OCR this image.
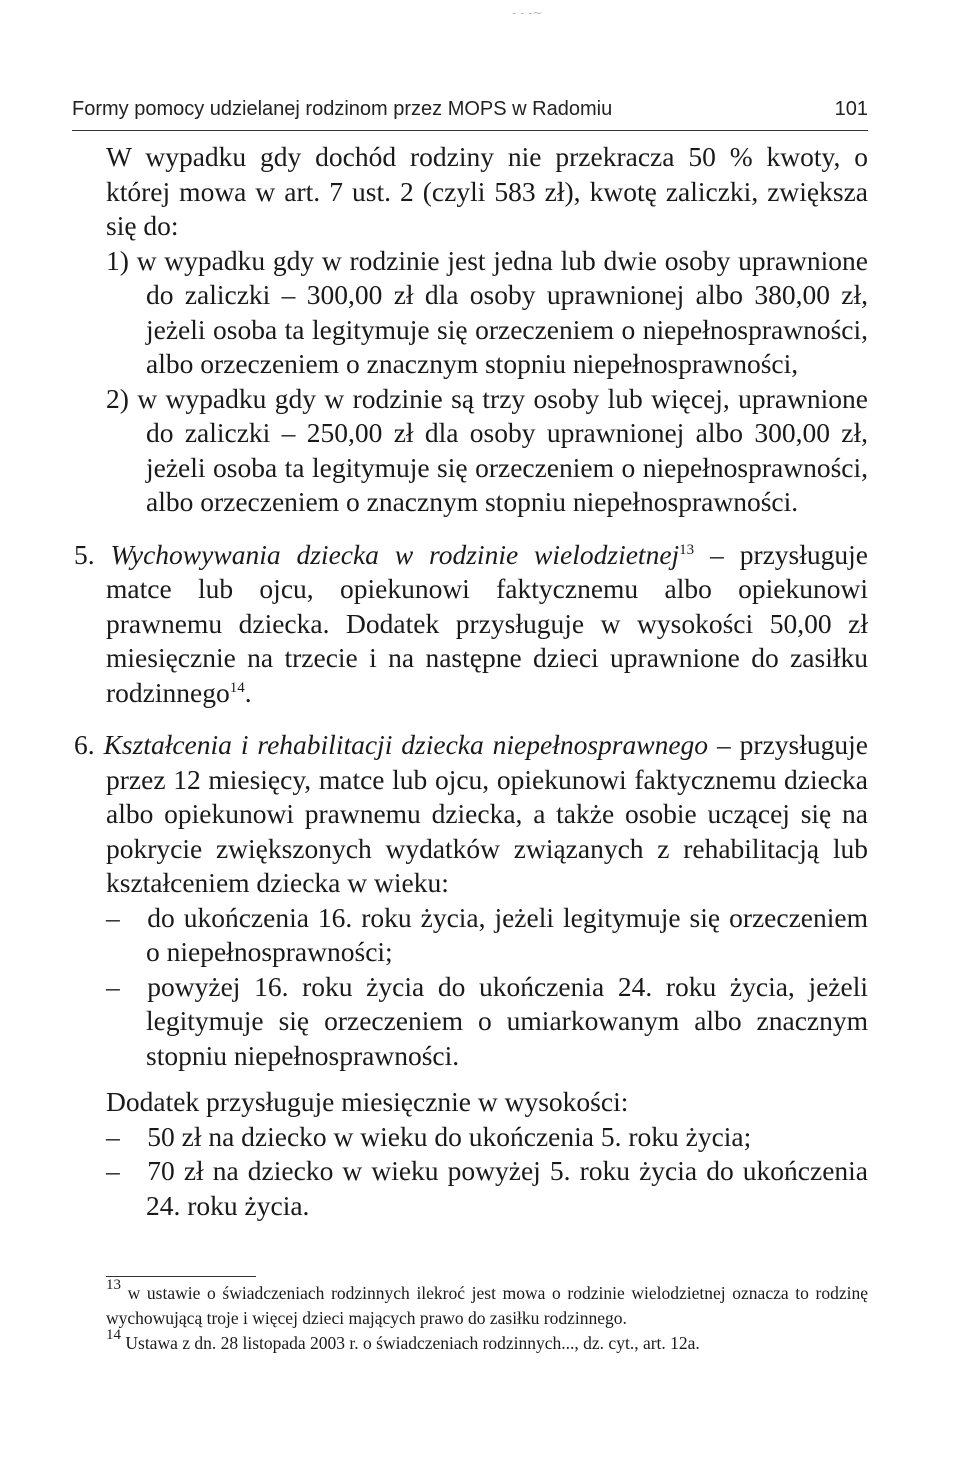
- - -~
Formy pomocy udzielanej rodzinom przez MOPS w Radomiu	101

W wypadku gdy dochód rodziny nie przekracza 50 % kwoty, o której mowa w art. 7 ust. 2 (czyli 583 zł), kwotę zaliczki, zwiększa się do:

1) w wypadku gdy w rodzinie jest jedna lub dwie osoby uprawnione do zaliczki – 300,00 zł dla osoby uprawnionej albo 380,00 zł, jeżeli osoba ta legitymuje się orzeczeniem o niepełnosprawności, albo orzeczeniem o znacznym stopniu niepełnosprawności,

2) w wypadku gdy w rodzinie są trzy osoby lub więcej, uprawnione do zaliczki – 250,00 zł dla osoby uprawnionej albo 300,00 zł, jeżeli osoba ta legitymuje się orzeczeniem o niepełnosprawności, albo orzeczeniem o znacznym stopniu niepełnosprawności.

5. Wychowywania dziecka w rodzinie wielodzietnej$^{13}$ – przysługuje matce lub ojcu, opiekunowi faktycznemu albo opiekunowi prawnemu dziecka. Dodatek przysługuje w wysokości 50,00 zł miesięcznie na trzecie i na następne dzieci uprawnione do zasiłku rodzinnego$^{14}$.

6. Kształcenia i rehabilitacji dziecka niepełnosprawnego – przysługuje przez 12 miesięcy, matce lub ojcu, opiekunowi faktycznemu dziecka albo opiekunowi prawnemu dziecka, a także osobie uczącej się na pokrycie zwiększonych wydatków związanych z rehabilitacją lub kształceniem dziecka w wieku:

–  do ukończenia 16. roku życia, jeżeli legitymuje się orzeczeniem o niepełnosprawności;

–  powyżej 16. roku życia do ukończenia 24. roku życia, jeżeli legitymuje się orzeczeniem o umiarkowanym albo znacznym stopniu niepełnosprawności.

Dodatek przysługuje miesięcznie w wysokości:

–  50 zł na dziecko w wieku do ukończenia 5. roku życia;

–  70 zł na dziecko w wieku powyżej 5. roku życia do ukończenia 24. roku życia.

$^{13}$ w ustawie o świadczeniach rodzinnych ilekroć jest mowa o rodzinie wielodzietnej oznacza to rodzinę wychowującą troje i więcej dzieci mających prawo do zasiłku rodzinnego.

$^{14}$ Ustawa z dn. 28 listopada 2003 r. o świadczeniach rodzinnych..., dz. cyt., art. 12a.
